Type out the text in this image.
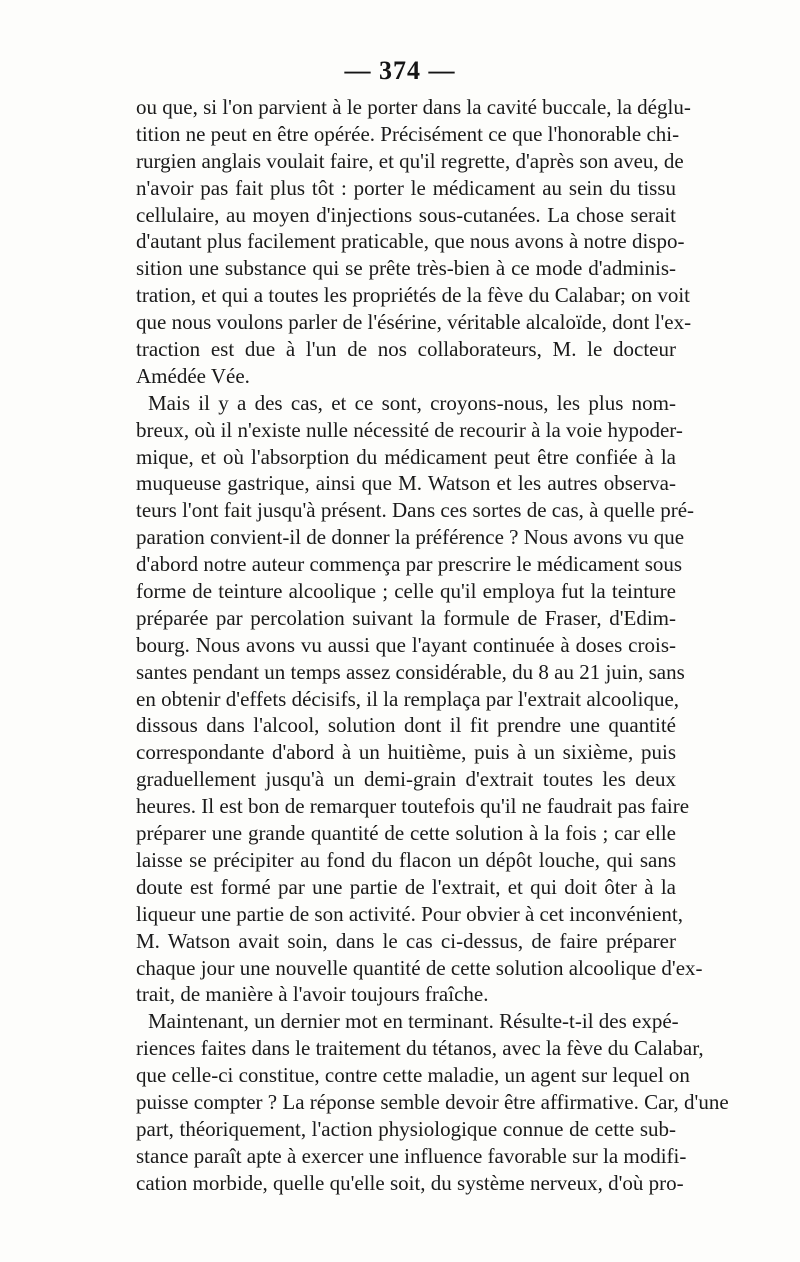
— 374 —
ou que, si l'on parvient à le porter dans la cavité buccale, la déglu-
tition ne peut en être opérée. Précisément ce que l'honorable chi-
rurgien anglais voulait faire, et qu'il regrette, d'après son aveu, de
n'avoir pas fait plus tôt : porter le médicament au sein du tissu
cellulaire, au moyen d'injections sous-cutanées. La chose serait
d'autant plus facilement praticable, que nous avons à notre dispo-
sition une substance qui se prête très-bien à ce mode d'adminis-
tration, et qui a toutes les propriétés de la fève du Calabar; on voit
que nous voulons parler de l'ésérine, véritable alcaloïde, dont l'ex-
traction est due à l'un de nos collaborateurs, M. le docteur
Amédée Vée.
Mais il y a des cas, et ce sont, croyons-nous, les plus nom-
breux, où il n'existe nulle nécessité de recourir à la voie hypoder-
mique, et où l'absorption du médicament peut être confiée à la
muqueuse gastrique, ainsi que M. Watson et les autres observa-
teurs l'ont fait jusqu'à présent. Dans ces sortes de cas, à quelle pré-
paration convient-il de donner la préférence ? Nous avons vu que
d'abord notre auteur commença par prescrire le médicament sous
forme de teinture alcoolique ; celle qu'il employa fut la teinture
préparée par percolation suivant la formule de Fraser, d'Edim-
bourg. Nous avons vu aussi que l'ayant continuée à doses crois-
santes pendant un temps assez considérable, du 8 au 21 juin, sans
en obtenir d'effets décisifs, il la remplaça par l'extrait alcoolique,
dissous dans l'alcool, solution dont il fit prendre une quantité
correspondante d'abord à un huitième, puis à un sixième, puis
graduellement jusqu'à un demi-grain d'extrait toutes les deux
heures. Il est bon de remarquer toutefois qu'il ne faudrait pas faire
préparer une grande quantité de cette solution à la fois ; car elle
laisse se précipiter au fond du flacon un dépôt louche, qui sans
doute est formé par une partie de l'extrait, et qui doit ôter à la
liqueur une partie de son activité. Pour obvier à cet inconvénient,
M. Watson avait soin, dans le cas ci-dessus, de faire préparer
chaque jour une nouvelle quantité de cette solution alcoolique d'ex-
trait, de manière à l'avoir toujours fraîche.
Maintenant, un dernier mot en terminant. Résulte-t-il des expé-
riences faites dans le traitement du tétanos, avec la fève du Calabar,
que celle-ci constitue, contre cette maladie, un agent sur lequel on
puisse compter ? La réponse semble devoir être affirmative. Car, d'une
part, théoriquement, l'action physiologique connue de cette sub-
stance paraît apte à exercer une influence favorable sur la modifi-
cation morbide, quelle qu'elle soit, du système nerveux, d'où pro-
